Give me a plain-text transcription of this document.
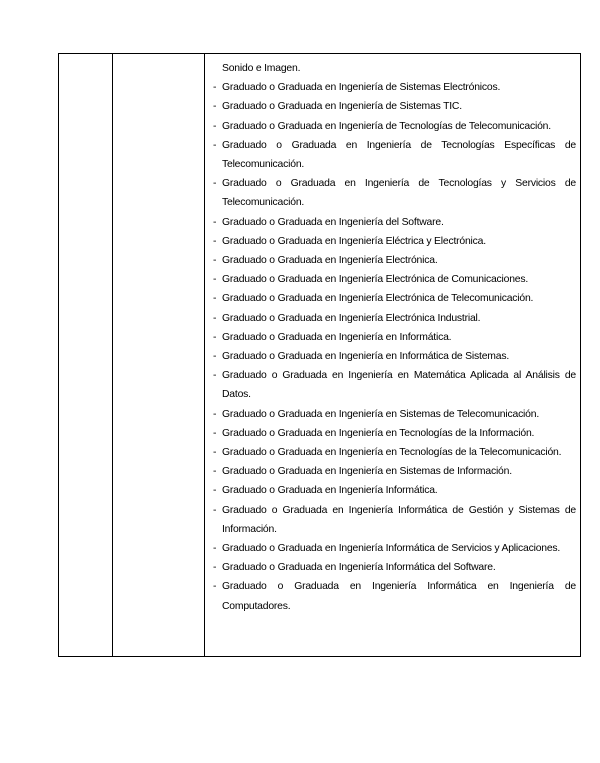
Sonido e Imagen.
- Graduado o Graduada en Ingeniería de Sistemas Electrónicos.
- Graduado o Graduada en Ingeniería de Sistemas TIC.
- Graduado o Graduada en Ingeniería de Tecnologías de Telecomunicación.
- Graduado o Graduada en Ingeniería de Tecnologías Específicas de Telecomunicación.
- Graduado o Graduada en Ingeniería de Tecnologías y Servicios de Telecomunicación.
- Graduado o Graduada en Ingeniería del Software.
- Graduado o Graduada en Ingeniería Eléctrica y Electrónica.
- Graduado o Graduada en Ingeniería Electrónica.
- Graduado o Graduada en Ingeniería Electrónica de Comunicaciones.
- Graduado o Graduada en Ingeniería Electrónica de Telecomunicación.
- Graduado o Graduada en Ingeniería Electrónica Industrial.
- Graduado o Graduada en Ingeniería en Informática.
- Graduado o Graduada en Ingeniería en Informática de Sistemas.
- Graduado o Graduada en Ingeniería en Matemática Aplicada al Análisis de Datos.
- Graduado o Graduada en Ingeniería en Sistemas de Telecomunicación.
- Graduado o Graduada en Ingeniería en Tecnologías de la Información.
- Graduado o Graduada en Ingeniería en Tecnologías de la Telecomunicación.
- Graduado o Graduada en Ingeniería en Sistemas de Información.
- Graduado o Graduada en Ingeniería Informática.
- Graduado o Graduada en Ingeniería Informática de Gestión y Sistemas de Información.
- Graduado o Graduada en Ingeniería Informática de Servicios y Aplicaciones.
- Graduado o Graduada en Ingeniería Informática del Software.
- Graduado o Graduada en Ingeniería Informática en Ingeniería de Computadores.
